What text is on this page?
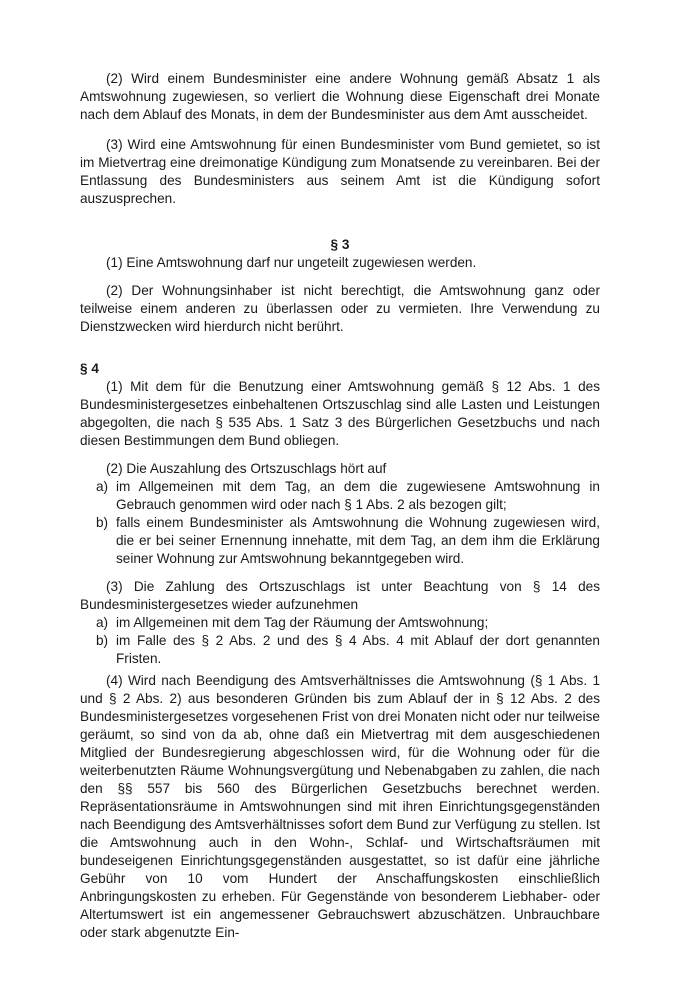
(2) Wird einem Bundesminister eine andere Wohnung gemäß Absatz 1 als Amtswohnung zugewiesen, so verliert die Wohnung diese Eigenschaft drei Monate nach dem Ablauf des Monats, in dem der Bundesminister aus dem Amt ausscheidet.

(3) Wird eine Amtswohnung für einen Bundesminister vom Bund gemietet, so ist im Mietvertrag eine dreimonatige Kündigung zum Monatsende zu vereinbaren. Bei der Entlassung des Bundesministers aus seinem Amt ist die Kündigung sofort auszusprechen.

§ 3

(1) Eine Amtswohnung darf nur ungeteilt zugewiesen werden.

(2) Der Wohnungsinhaber ist nicht berechtigt, die Amtswohnung ganz oder teilweise einem anderen zu überlassen oder zu vermieten. Ihre Verwendung zu Dienstzwecken wird hierdurch nicht berührt.

§ 4

(1) Mit dem für die Benutzung einer Amtswohnung gemäß § 12 Abs. 1 des Bundesministergesetzes einbehaltenen Ortszuschlag sind alle Lasten und Leistungen abgegolten, die nach § 535 Abs. 1 Satz 3 des Bürgerlichen Gesetzbuchs und nach diesen Bestimmungen dem Bund obliegen.

(2) Die Auszahlung des Ortszuschlags hört auf

a) im Allgemeinen mit dem Tag, an dem die zugewiesene Amtswohnung in Gebrauch genommen wird oder nach § 1 Abs. 2 als bezogen gilt;
b) falls einem Bundesminister als Amtswohnung die Wohnung zugewiesen wird, die er bei seiner Ernennung innehatte, mit dem Tag, an dem ihm die Erklärung seiner Wohnung zur Amtswohnung bekanntgegeben wird.

(3) Die Zahlung des Ortszuschlags ist unter Beachtung von § 14 des Bundesministergesetzes wieder aufzunehmen

a) im Allgemeinen mit dem Tag der Räumung der Amtswohnung;
b) im Falle des § 2 Abs. 2 und des § 4 Abs. 4 mit Ablauf der dort genannten Fristen.

(4) Wird nach Beendigung des Amtsverhältnisses die Amtswohnung (§ 1 Abs. 1 und § 2 Abs. 2) aus besonderen Gründen bis zum Ablauf der in § 12 Abs. 2 des Bundesministergesetzes vorgesehenen Frist von drei Monaten nicht oder nur teilweise geräumt, so sind von da ab, ohne daß ein Mietvertrag mit dem ausgeschiedenen Mitglied der Bundesregierung abgeschlossen wird, für die Wohnung oder für die weiterbenutzten Räume Wohnungsvergütung und Nebenabgaben zu zahlen, die nach den §§ 557 bis 560 des Bürgerlichen Gesetzbuchs berechnet werden. Repräsentationsräume in Amtswohnungen sind mit ihren Einrichtungsgegenständen nach Beendigung des Amtsverhältnisses sofort dem Bund zur Verfügung zu stellen. Ist die Amtswohnung auch in den Wohn-, Schlaf- und Wirtschaftsräumen mit bundeseigenen Einrichtungsgegenständen ausgestattet, so ist dafür eine jährliche Gebühr von 10 vom Hundert der Anschaffungskosten einschließlich Anbringungskosten zu erheben. Für Gegenstände von besonderem Liebhaber- oder Altertumswert ist ein angemessener Gebrauchswert abzuschätzen. Unbrauchbare oder stark abgenutzte Ein-
